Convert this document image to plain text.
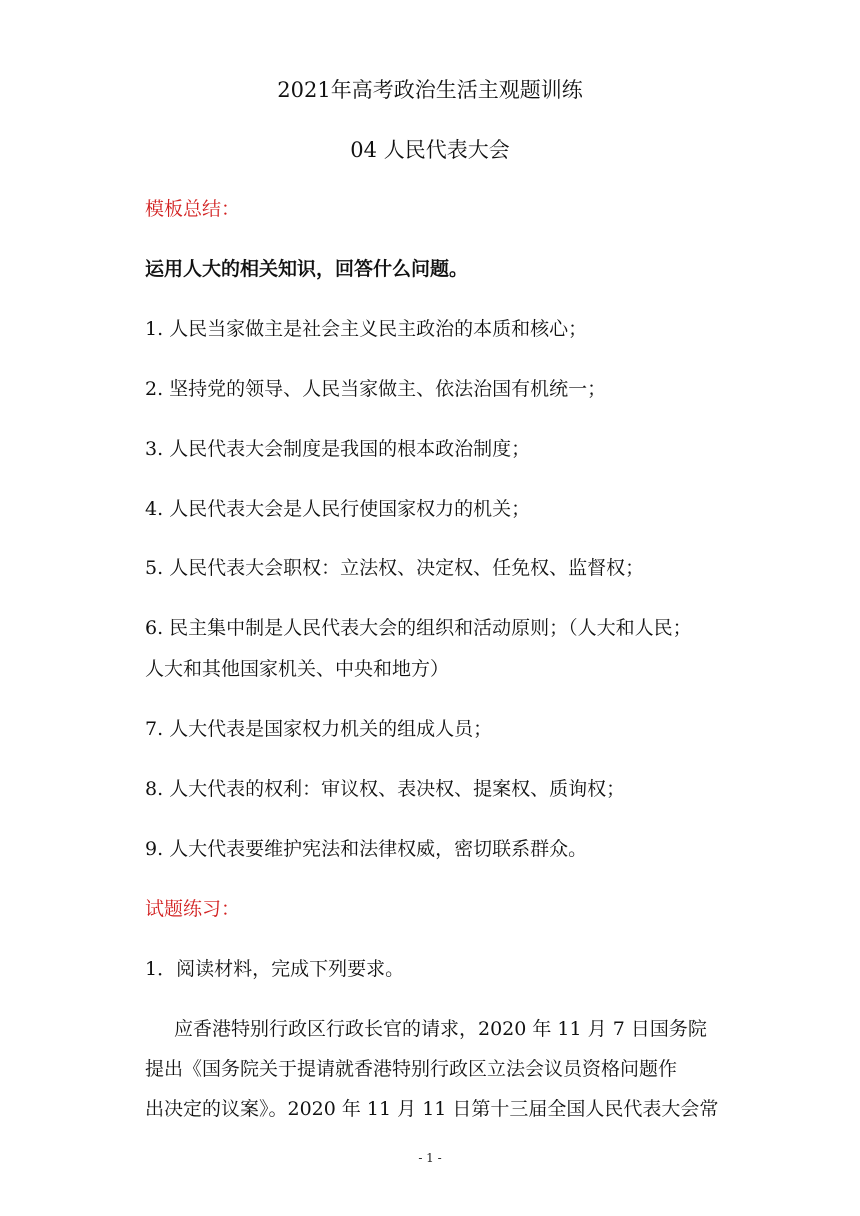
2021年高考政治生活主观题训练
04 人民代表大会
模板总结：
运用人大的相关知识，回答什么问题。
1. 人民当家做主是社会主义民主政治的本质和核心；
2. 坚持党的领导、人民当家做主、依法治国有机统一；
3. 人民代表大会制度是我国的根本政治制度；
4. 人民代表大会是人民行使国家权力的机关；
5. 人民代表大会职权：立法权、决定权、任免权、监督权；
6. 民主集中制是人民代表大会的组织和活动原则；（人大和人民；
人大和其他国家机关、中央和地方）
7. 人大代表是国家权力机关的组成人员；
8. 人大代表的权利：审议权、表决权、提案权、质询权；
9. 人大代表要维护宪法和法律权威，密切联系群众。
试题练习：
1．阅读材料，完成下列要求。
应香港特别行政区行政长官的请求，2020 年 11 月 7 日国务院
提出《国务院关于提请就香港特别行政区立法会议员资格问题作
出决定的议案》。2020 年 11 月 11 日第十三届全国人民代表大会常
- 1 -
